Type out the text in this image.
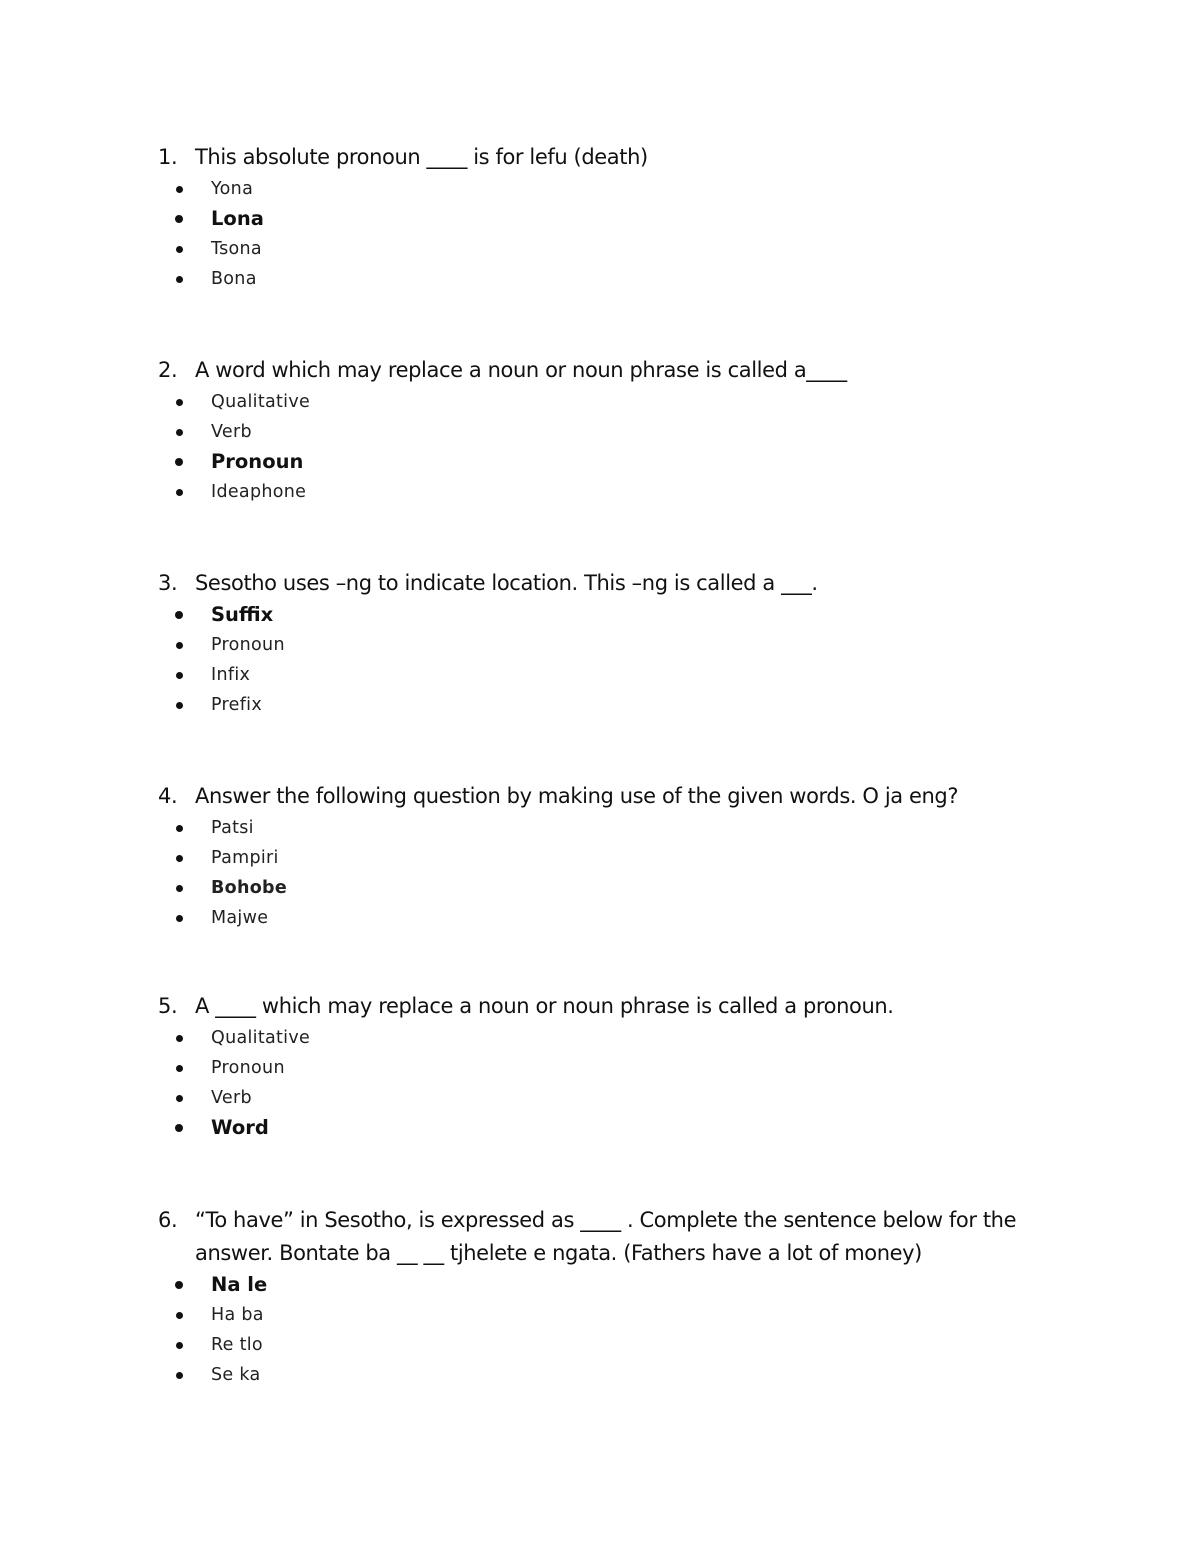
1. This absolute pronoun ____ is for lefu (death)
Yona
Lona
Tsona
Bona
2. A word which may replace a noun or noun phrase is called a____
Qualitative
Verb
Pronoun
Ideaphone
3. Sesotho uses –ng to indicate location. This –ng is called a ___.
Suffix
Pronoun
Infix
Prefix
4. Answer the following question by making use of the given words. O ja eng?
Patsi
Pampiri
Bohobe
Majwe
5. A ____ which may replace a noun or noun phrase is called a pronoun.
Qualitative
Pronoun
Verb
Word
6. “To have” in Sesotho, is expressed as ____ . Complete the sentence below for the answer. Bontate ba __ __ tjhelete e ngata. (Fathers have a lot of money)
Na le
Ha ba
Re tlo
Se ka
